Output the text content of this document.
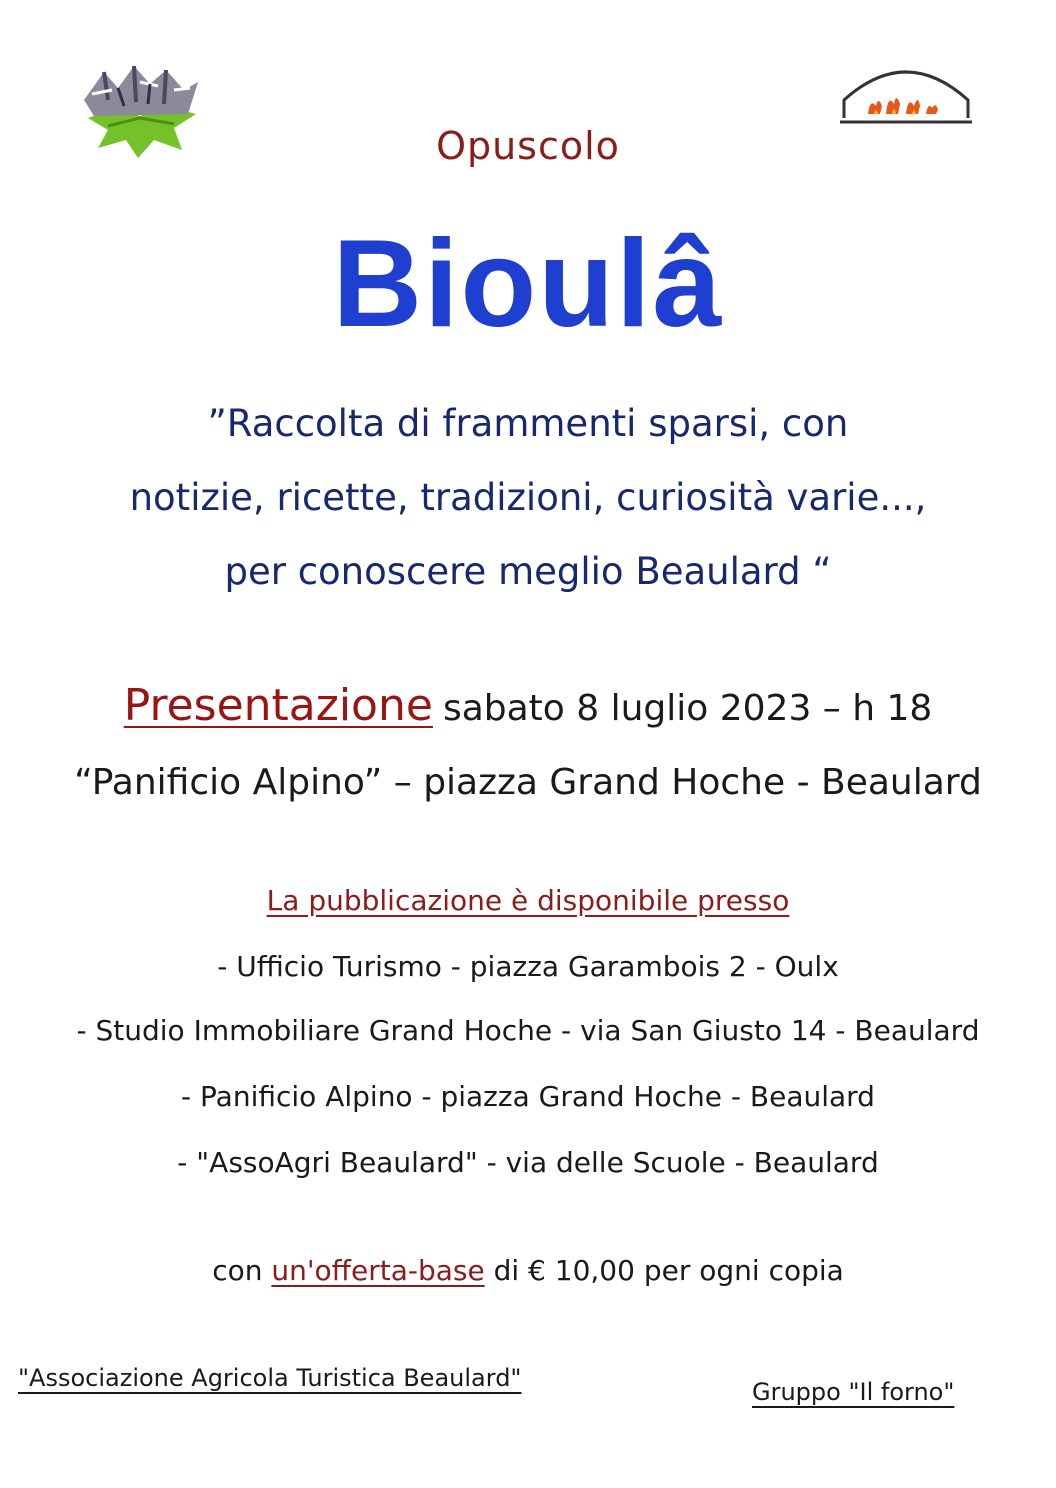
Opuscolo
Bioulâ
”Raccolta di frammenti sparsi, con
notizie, ricette, tradizioni, curiosità varie...,
per conoscere meglio Beaulard “
Presentazione sabato 8 luglio 2023 – h 18
“Panificio Alpino” – piazza Grand Hoche - Beaulard
La pubblicazione è disponibile presso
- Ufficio Turismo - piazza Garambois 2 - Oulx
- Studio Immobiliare Grand Hoche - via San Giusto 14 - Beaulard
- Panificio Alpino - piazza Grand Hoche - Beaulard
- "AssoAgri Beaulard" - via delle Scuole - Beaulard
con un'offerta-base di € 10,00 per ogni copia
"Associazione Agricola Turistica Beaulard"	Gruppo "Il forno"
